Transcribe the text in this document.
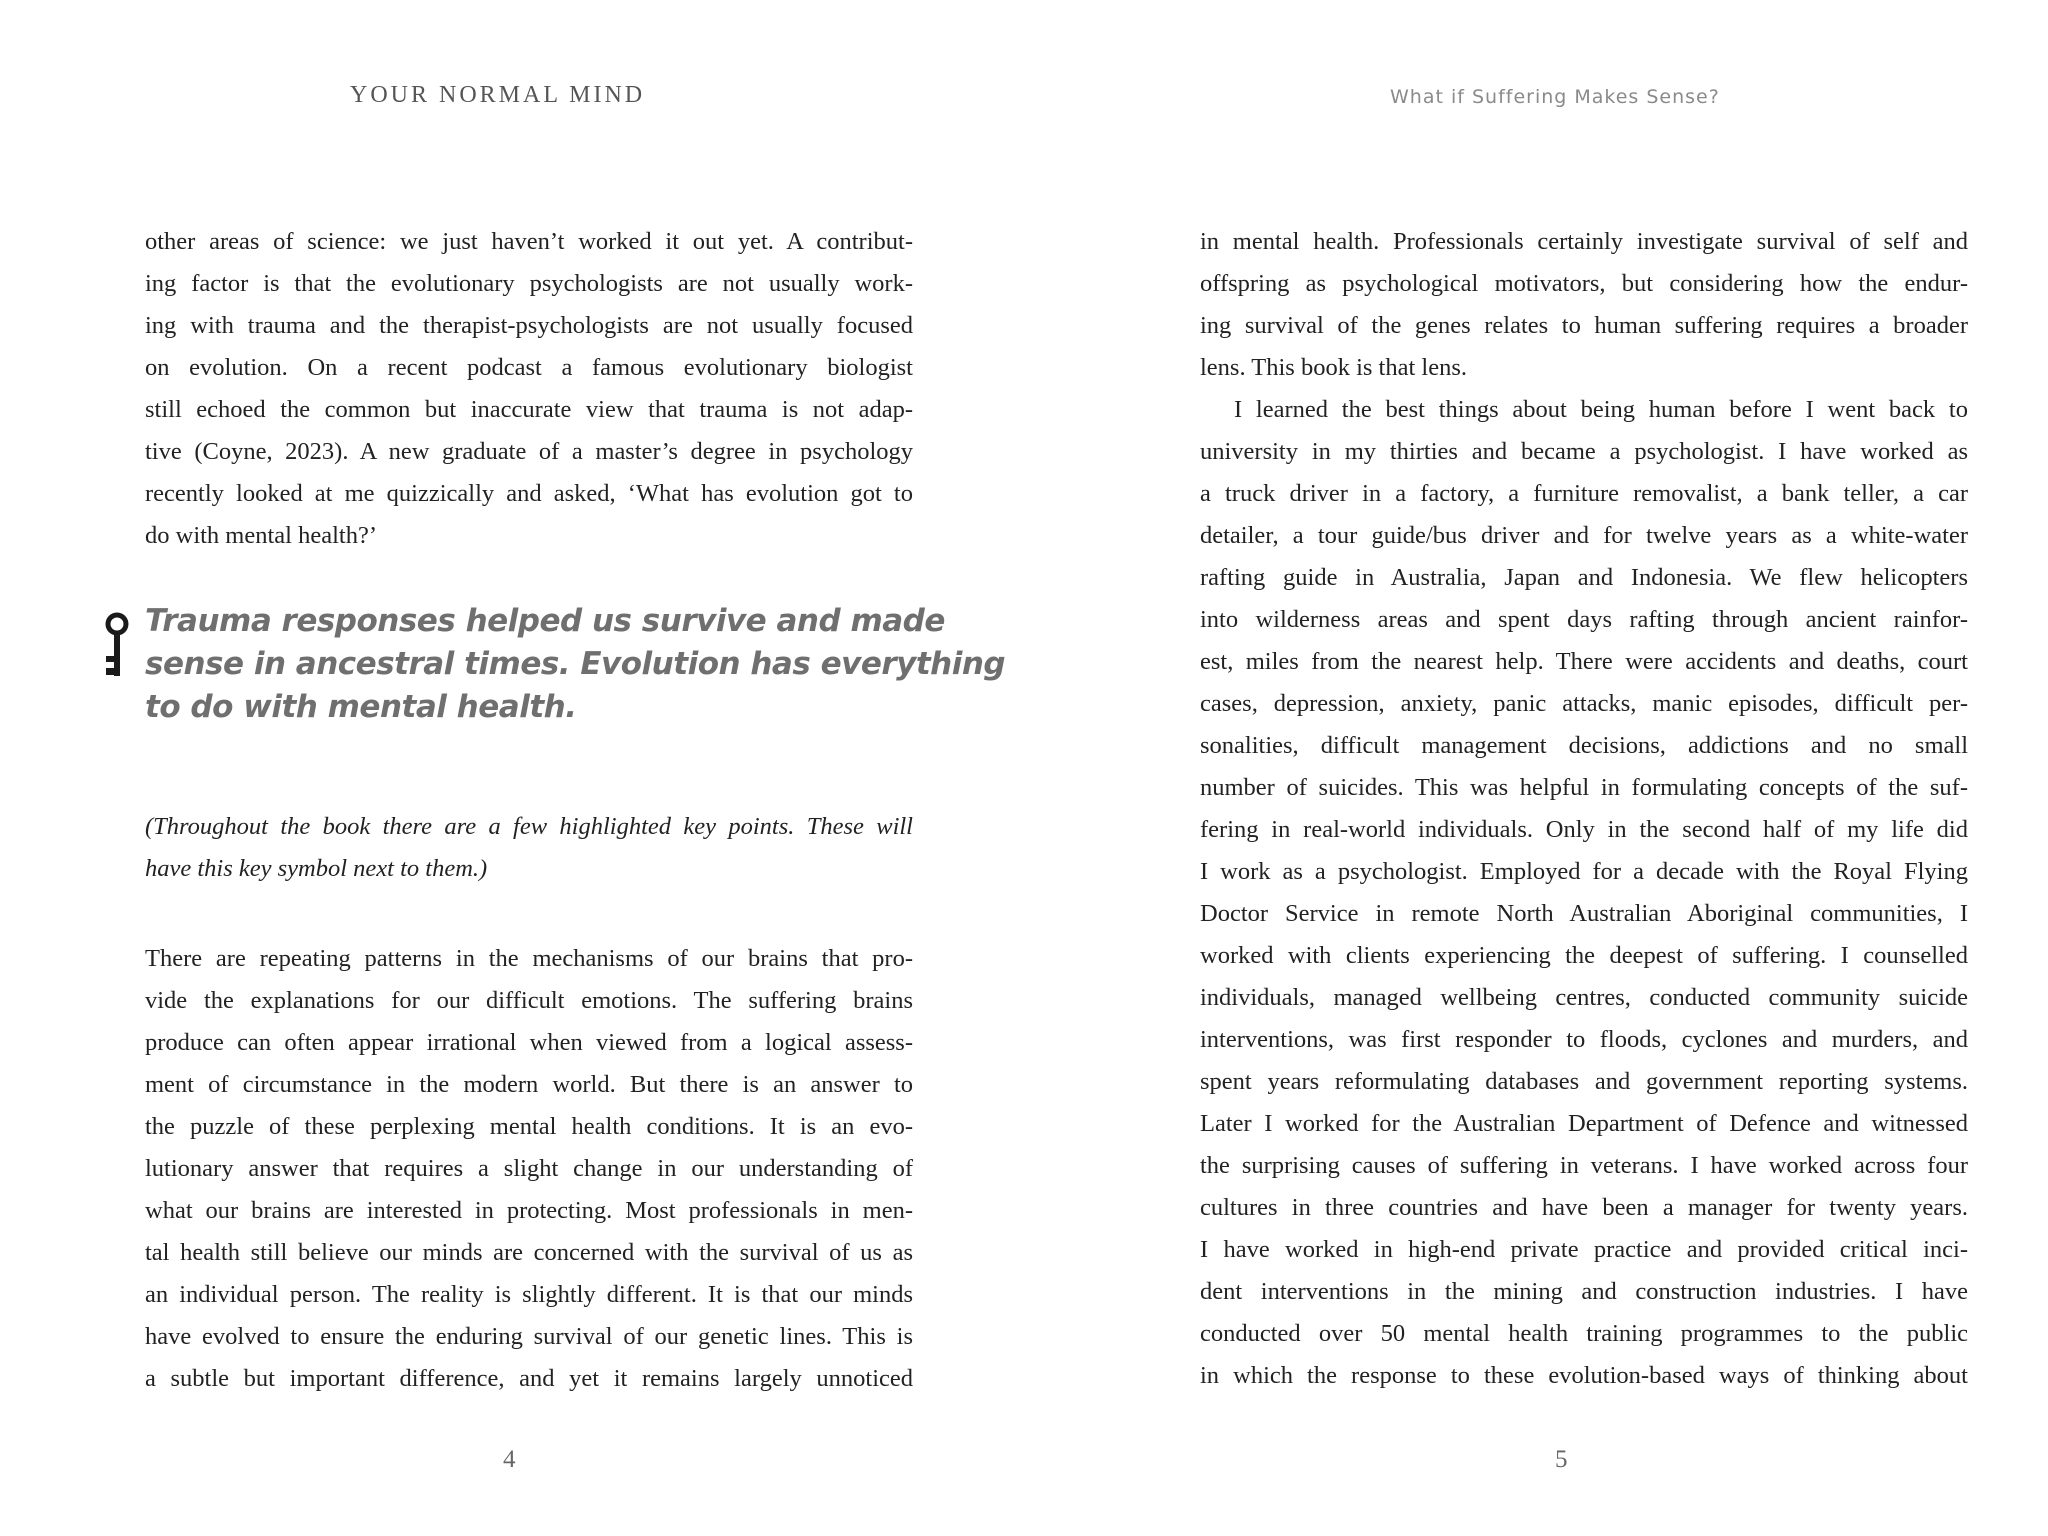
YOUR NORMAL MIND
other areas of science: we just haven’t worked it out yet. A contribut-
ing factor is that the evolutionary psychologists are not usually work-
ing with trauma and the therapist-psychologists are not usually focused
on evolution. On a recent podcast a famous evolutionary biologist
still echoed the common but inaccurate view that trauma is not adap-
tive (Coyne, 2023). A new graduate of a master’s degree in psychology
recently looked at me quizzically and asked, ‘What has evolution got to
do with mental health?’
Trauma responses helped us survive and made
sense in ancestral times. Evolution has everything
to do with mental health.
(Throughout the book there are a few highlighted key points. These will
have this key symbol next to them.)
There are repeating patterns in the mechanisms of our brains that pro-
vide the explanations for our difficult emotions. The suffering brains
produce can often appear irrational when viewed from a logical assess-
ment of circumstance in the modern world. But there is an answer to
the puzzle of these perplexing mental health conditions. It is an evo-
lutionary answer that requires a slight change in our understanding of
what our brains are interested in protecting. Most professionals in men-
tal health still believe our minds are concerned with the survival of us as
an individual person. The reality is slightly different. It is that our minds
have evolved to ensure the enduring survival of our genetic lines. This is
a subtle but important difference, and yet it remains largely unnoticed
4
What if Suffering Makes Sense?
in mental health. Professionals certainly investigate survival of self and
offspring as psychological motivators, but considering how the endur-
ing survival of the genes relates to human suffering requires a broader
lens. This book is that lens.
I learned the best things about being human before I went back to
university in my thirties and became a psychologist. I have worked as
a truck driver in a factory, a furniture removalist, a bank teller, a car
detailer, a tour guide/bus driver and for twelve years as a white-water
rafting guide in Australia, Japan and Indonesia. We flew helicopters
into wilderness areas and spent days rafting through ancient rainfor-
est, miles from the nearest help. There were accidents and deaths, court
cases, depression, anxiety, panic attacks, manic episodes, difficult per-
sonalities, difficult management decisions, addictions and no small
number of suicides. This was helpful in formulating concepts of the suf-
fering in real-world individuals. Only in the second half of my life did
I work as a psychologist. Employed for a decade with the Royal Flying
Doctor Service in remote North Australian Aboriginal communities, I
worked with clients experiencing the deepest of suffering. I counselled
individuals, managed wellbeing centres, conducted community suicide
interventions, was first responder to floods, cyclones and murders, and
spent years reformulating databases and government reporting systems.
Later I worked for the Australian Department of Defence and witnessed
the surprising causes of suffering in veterans. I have worked across four
cultures in three countries and have been a manager for twenty years.
I have worked in high-end private practice and provided critical inci-
dent interventions in the mining and construction industries. I have
conducted over 50 mental health training programmes to the public
in which the response to these evolution-based ways of thinking about
5
